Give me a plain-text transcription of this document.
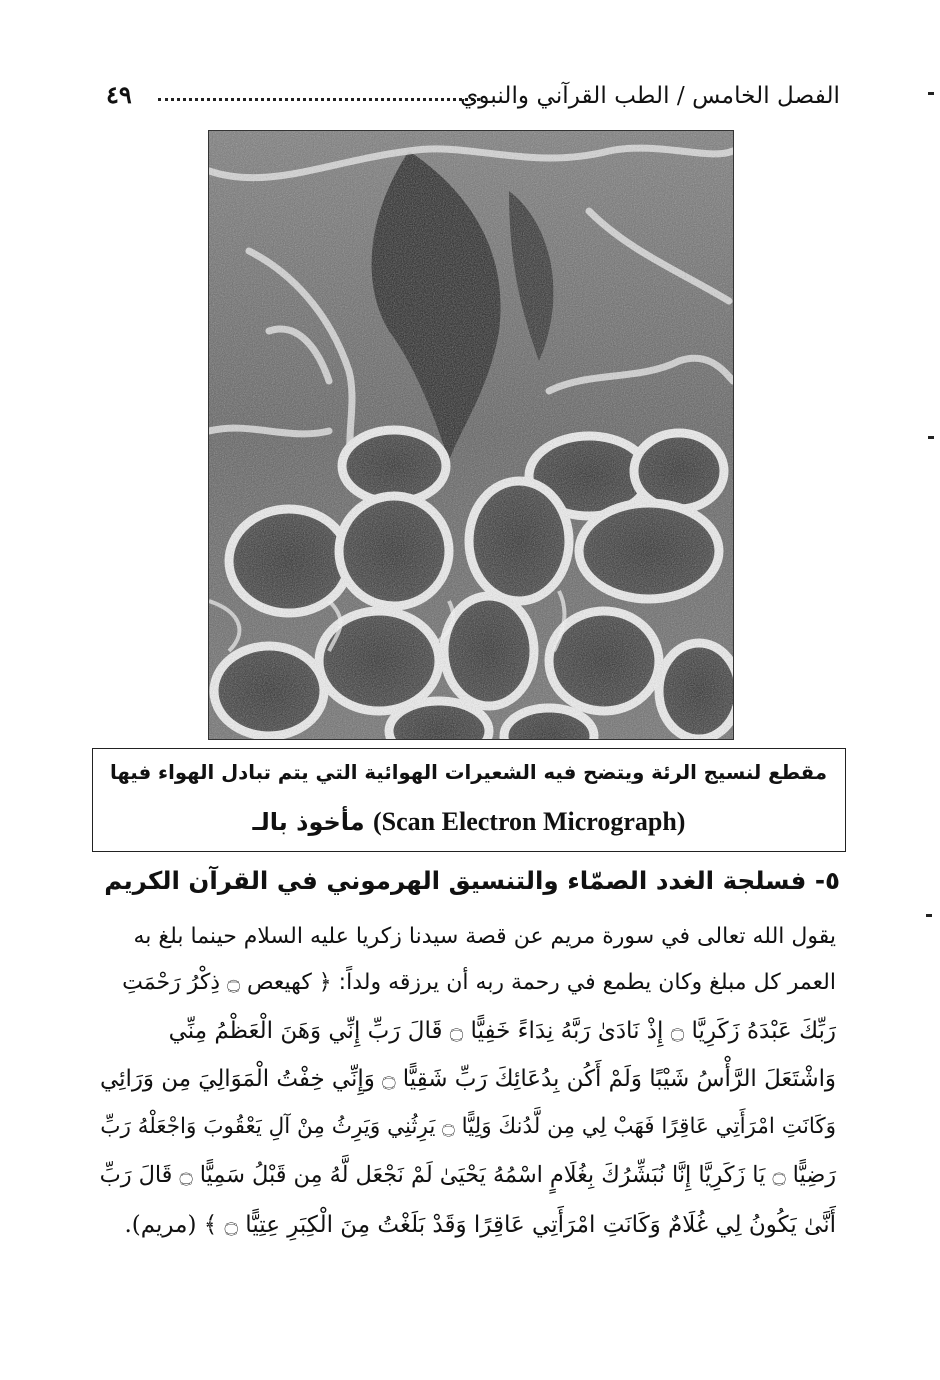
٤٩	الفصل الخامس / الطب القرآني والنبوي
مقطع لنسيج الرئة ويتضح فيه الشعيرات الهوائية التي يتم تبادل الهواء فيها
مأخوذ بالـ (Scan Electron Micrograph)
٥- فسلجة الغدد الصمّاء والتنسيق الهرموني في القرآن الكريم
يقول الله تعالى في سورة مريم عن قصة سيدنا زكريا عليه السلام حينما بلغ به
العمر كل مبلغ وكان يطمع في رحمة ربه أن يرزقه ولداً: ﴿ كهيعص ۝ ذِكْرُ رَحْمَتِ
رَبِّكَ عَبْدَهُ زَكَرِيَّا ۝ إِذْ نَادَىٰ رَبَّهُ نِدَاءً خَفِيًّا ۝ قَالَ رَبِّ إِنِّي وَهَنَ الْعَظْمُ مِنِّي
وَاشْتَعَلَ الرَّأْسُ شَيْبًا وَلَمْ أَكُن بِدُعَائِكَ رَبِّ شَقِيًّا ۝ وَإِنِّي خِفْتُ الْمَوَالِيَ مِن وَرَائِي
وَكَانَتِ امْرَأَتِي عَاقِرًا فَهَبْ لِي مِن لَّدُنكَ وَلِيًّا ۝ يَرِثُنِي وَيَرِثُ مِنْ آلِ يَعْقُوبَ وَاجْعَلْهُ رَبِّ
رَضِيًّا ۝ يَا زَكَرِيَّا إِنَّا نُبَشِّرُكَ بِغُلَامٍ اسْمُهُ يَحْيَىٰ لَمْ نَجْعَل لَّهُ مِن قَبْلُ سَمِيًّا ۝ قَالَ رَبِّ
أَنَّىٰ يَكُونُ لِي غُلَامٌ وَكَانَتِ امْرَأَتِي عَاقِرًا وَقَدْ بَلَغْتُ مِنَ الْكِبَرِ عِتِيًّا ۝ ﴾ (مريم).
